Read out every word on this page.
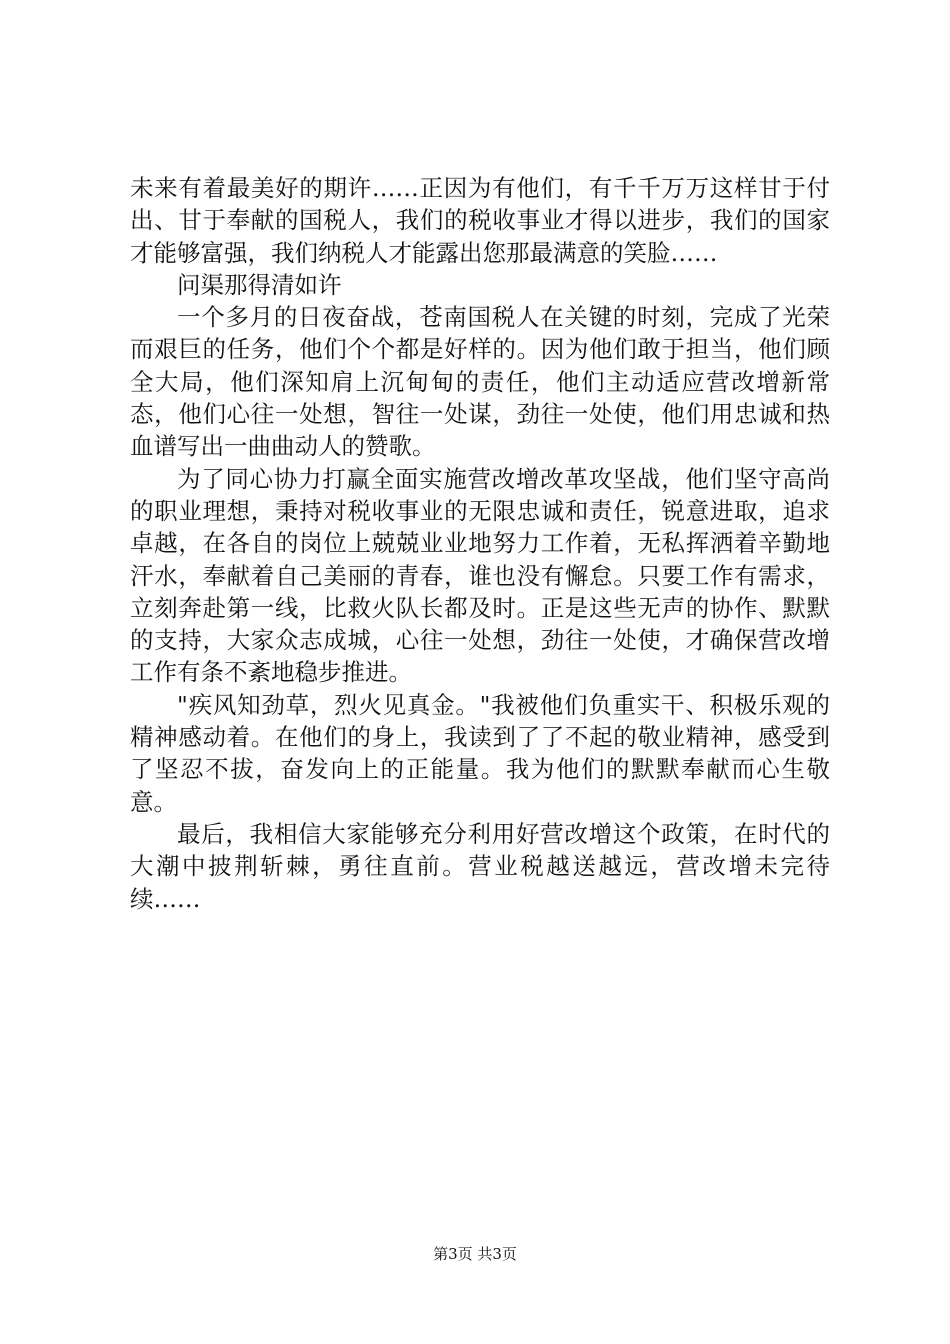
未来有着最美好的期许……正因为有他们，有千千万万这样甘于付出、甘于奉献的国税人，我们的税收事业才得以进步，我们的国家才能够富强，我们纳税人才能露出您那最满意的笑脸……

问渠那得清如许

一个多月的日夜奋战，苍南国税人在关键的时刻，完成了光荣而艰巨的任务，他们个个都是好样的。因为他们敢于担当，他们顾全大局，他们深知肩上沉甸甸的责任，他们主动适应营改增新常态，他们心往一处想，智往一处谋，劲往一处使，他们用忠诚和热血谱写出一曲曲动人的赞歌。

为了同心协力打赢全面实施营改增改革攻坚战，他们坚守高尚的职业理想，秉持对税收事业的无限忠诚和责任，锐意进取，追求卓越，在各自的岗位上兢兢业业地努力工作着，无私挥洒着辛勤地汗水，奉献着自己美丽的青春，谁也没有懈怠。只要工作有需求，立刻奔赴第一线，比救火队长都及时。正是这些无声的协作、默默的支持，大家众志成城，心往一处想，劲往一处使，才确保营改增工作有条不紊地稳步推进。

"疾风知劲草，烈火见真金。"我被他们负重实干、积极乐观的精神感动着。在他们的身上，我读到了了不起的敬业精神，感受到了坚忍不拔，奋发向上的正能量。我为他们的默默奉献而心生敬意。

最后，我相信大家能够充分利用好营改增这个政策，在时代的大潮中披荆斩棘，勇往直前。营业税越送越远，营改增未完待续……

第3页 共3页
